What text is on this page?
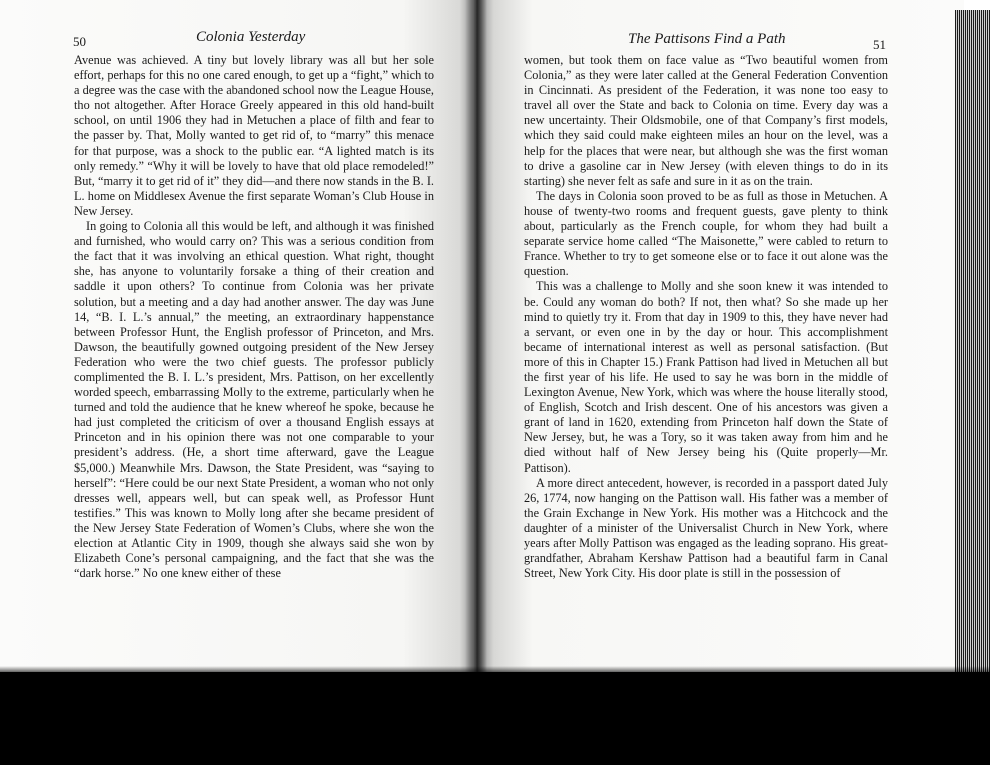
50	Colonia Yesterday

Avenue was achieved. A tiny but lovely library was all but her sole effort, perhaps for this no one cared enough, to get up a “fight,” which to a degree was the case with the abandoned school now the League House, tho not altogether. After Horace Greely appeared in this old hand-built school, on until 1906 they had in Metuchen a place of filth and fear to the passer by. That, Molly wanted to get rid of, to “marry” this menace for that purpose, was a shock to the public ear. “A lighted match is its only remedy.” “Why it will be lovely to have that old place remodeled!” But, “marry it to get rid of it” they did—and there now stands in the B. I. L. home on Middlesex Avenue the first separate Woman’s Club House in New Jersey.

In going to Colonia all this would be left, and although it was finished and furnished, who would carry on? This was a serious condition from the fact that it was involving an ethical question. What right, thought she, has anyone to voluntarily forsake a thing of their creation and saddle it upon others? To continue from Colonia was her private solution, but a meeting and a day had another answer. The day was June 14, “B. I. L.’s annual,” the meeting, an extraordinary happenstance between Professor Hunt, the English professor of Princeton, and Mrs. Dawson, the beautifully gowned outgoing president of the New Jersey Federation who were the two chief guests. The professor publicly complimented the B. I. L.’s president, Mrs. Pattison, on her excellently worded speech, embarrassing Molly to the extreme, particularly when he turned and told the audience that he knew whereof he spoke, because he had just completed the criticism of over a thousand English essays at Princeton and in his opinion there was not one comparable to your president’s address. (He, a short time afterward, gave the League $5,000.) Meanwhile Mrs. Dawson, the State President, was “saying to herself”: “Here could be our next State President, a woman who not only dresses well, appears well, but can speak well, as Professor Hunt testifies.” This was known to Molly long after she became president of the New Jersey State Federation of Women’s Clubs, where she won the election at Atlantic City in 1909, though she always said she won by Elizabeth Cone’s personal campaigning, and the fact that she was the “dark horse.” No one knew either of these

The Pattisons Find a Path	51

women, but took them on face value as “Two beautiful women from Colonia,” as they were later called at the General Federation Convention in Cincinnati. As president of the Federation, it was none too easy to travel all over the State and back to Colonia on time. Every day was a new uncertainty. Their Oldsmobile, one of that Company’s first models, which they said could make eighteen miles an hour on the level, was a help for the places that were near, but although she was the first woman to drive a gasoline car in New Jersey (with eleven things to do in its starting) she never felt as safe and sure in it as on the train.

The days in Colonia soon proved to be as full as those in Metuchen. A house of twenty-two rooms and frequent guests, gave plenty to think about, particularly as the French couple, for whom they had built a separate service home called “The Maisonette,” were cabled to return to France. Whether to try to get someone else or to face it out alone was the question.

This was a challenge to Molly and she soon knew it was intended to be. Could any woman do both? If not, then what? So she made up her mind to quietly try it. From that day in 1909 to this, they have never had a servant, or even one in by the day or hour. This accomplishment became of international interest as well as personal satisfaction. (But more of this in Chapter 15.) Frank Pattison had lived in Metuchen all but the first year of his life. He used to say he was born in the middle of Lexington Avenue, New York, which was where the house literally stood, of English, Scotch and Irish descent. One of his ancestors was given a grant of land in 1620, extending from Princeton half down the State of New Jersey, but, he was a Tory, so it was taken away from him and he died without half of New Jersey being his (Quite properly—Mr. Pattison).

A more direct antecedent, however, is recorded in a passport dated July 26, 1774, now hanging on the Pattison wall. His father was a member of the Grain Exchange in New York. His mother was a Hitchcock and the daughter of a minister of the Universalist Church in New York, where years after Molly Pattison was engaged as the leading soprano. His great-grandfather, Abraham Kershaw Pattison had a beautiful farm in Canal Street, New York City. His door plate is still in the possession of
